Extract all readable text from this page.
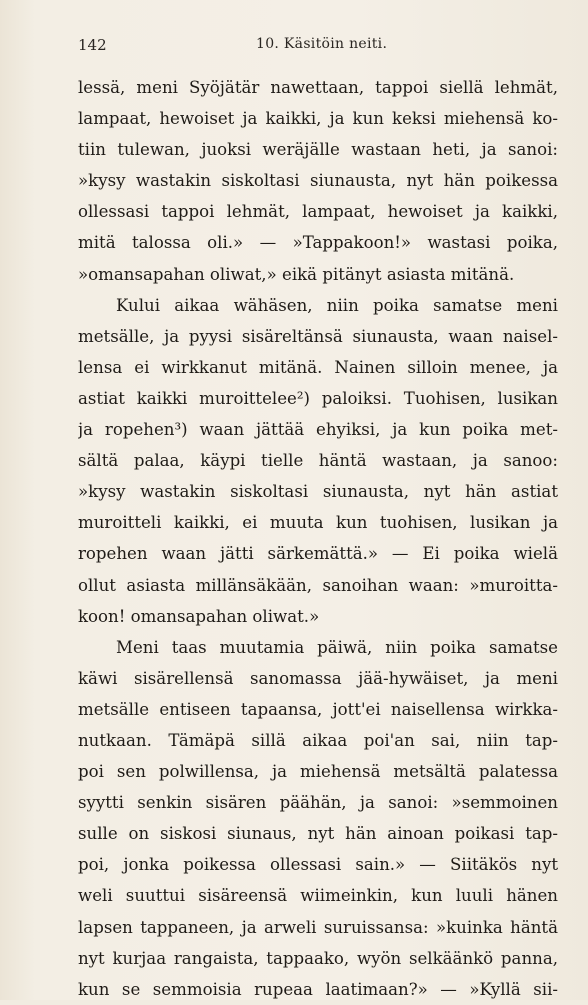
142	10. Käsitöin neiti.
lessä, meni Syöjätär nawettaan, tappoi siellä lehmät,
lampaat, hewoiset ja kaikki, ja kun keksi miehensä ko-
tiin tulewan, juoksi weräjälle wastaan heti, ja sanoi:
»kysy wastakin siskoltasi siunausta, nyt hän poikessa
ollessasi tappoi lehmät, lampaat, hewoiset ja kaikki,
mitä talossa oli.» — »Tappakoon!» wastasi poika,
»omansapahan oliwat,» eikä pitänyt asiasta mitänä.
Kului aikaa wähäsen, niin poika samatse meni
metsälle, ja pyysi sisäreltänsä siunausta, waan naisel-
lensa ei wirkkanut mitänä. Nainen silloin menee, ja
astiat kaikki muroittelee²) paloiksi. Tuohisen, lusikan
ja ropehen³) waan jättää ehyiksi, ja kun poika met-
sältä palaa, käypi tielle häntä wastaan, ja sanoo:
»kysy wastakin siskoltasi siunausta, nyt hän astiat
muroitteli kaikki, ei muuta kun tuohisen, lusikan ja
ropehen waan jätti särkemättä.» — Ei poika wielä
ollut asiasta millänsäkään, sanoihan waan: »muroitta-
koon! omansapahan oliwat.»
Meni taas muutamia päiwä, niin poika samatse
käwi sisärellensä sanomassa jää-hywäiset, ja meni
metsälle entiseen tapaansa, jott'ei naisellensa wirkka-
nutkaan. Tämäpä sillä aikaa poi'an sai, niin tap-
poi sen polwillensa, ja miehensä metsältä palatessa
syytti senkin sisären päähän, ja sanoi: »semmoinen
sulle on siskosi siunaus, nyt hän ainoan poikasi tap-
poi, jonka poikessa ollessasi sain.» — Siitäkös nyt
weli suuttui sisäreensä wiimeinkin, kun luuli hänen
lapsen tappaneen, ja arweli suruissansa: »kuinka häntä
nyt kurjaa rangaista, tappaako, wyön selkäänkö panna,
kun se semmoisia rupeaa laatimaan?» — »Kyllä sii-
